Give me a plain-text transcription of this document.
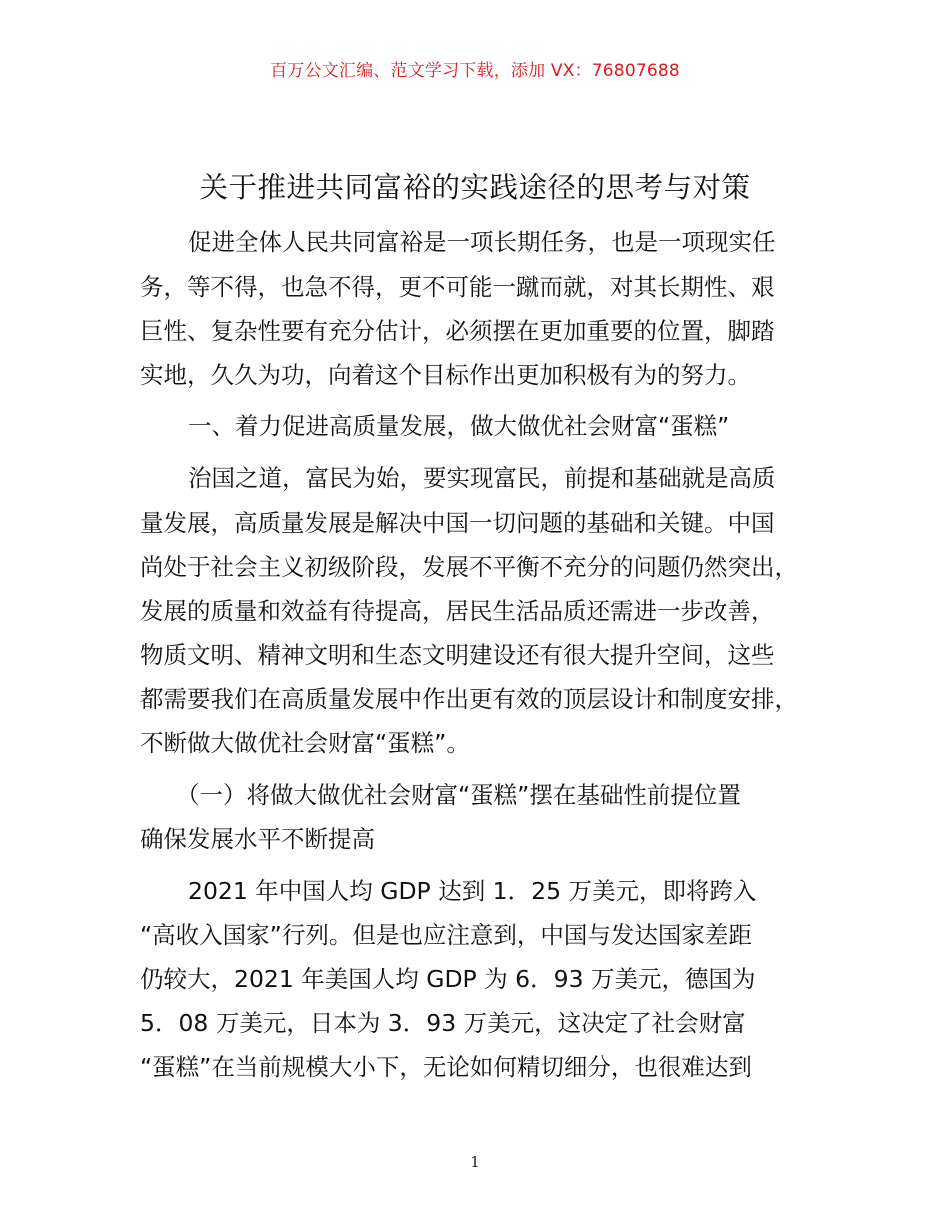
百万公文汇编、范文学习下载，添加 VX：76807688
关于推进共同富裕的实践途径的思考与对策
促进全体人民共同富裕是一项长期任务，也是一项现实任
务，等不得，也急不得，更不可能一蹴而就，对其长期性、艰
巨性、复杂性要有充分估计，必须摆在更加重要的位置，脚踏
实地，久久为功，向着这个目标作出更加积极有为的努力。
一、着力促进高质量发展，做大做优社会财富“蛋糕”
治国之道，富民为始，要实现富民，前提和基础就是高质
量发展，高质量发展是解决中国一切问题的基础和关键。中国
尚处于社会主义初级阶段，发展不平衡不充分的问题仍然突出，
发展的质量和效益有待提高，居民生活品质还需进一步改善，
物质文明、精神文明和生态文明建设还有很大提升空间，这些
都需要我们在高质量发展中作出更有效的顶层设计和制度安排，
不断做大做优社会财富“蛋糕”。
（一）将做大做优社会财富“蛋糕”摆在基础性前提位置
确保发展水平不断提高
2021 年中国人均 GDP 达到 1．25 万美元，即将跨入
“高收入国家”行列。但是也应注意到，中国与发达国家差距
仍较大，2021 年美国人均 GDP 为 6．93 万美元，德国为
5．08 万美元，日本为 3．93 万美元，这决定了社会财富
“蛋糕”在当前规模大小下，无论如何精切细分，也很难达到
1
